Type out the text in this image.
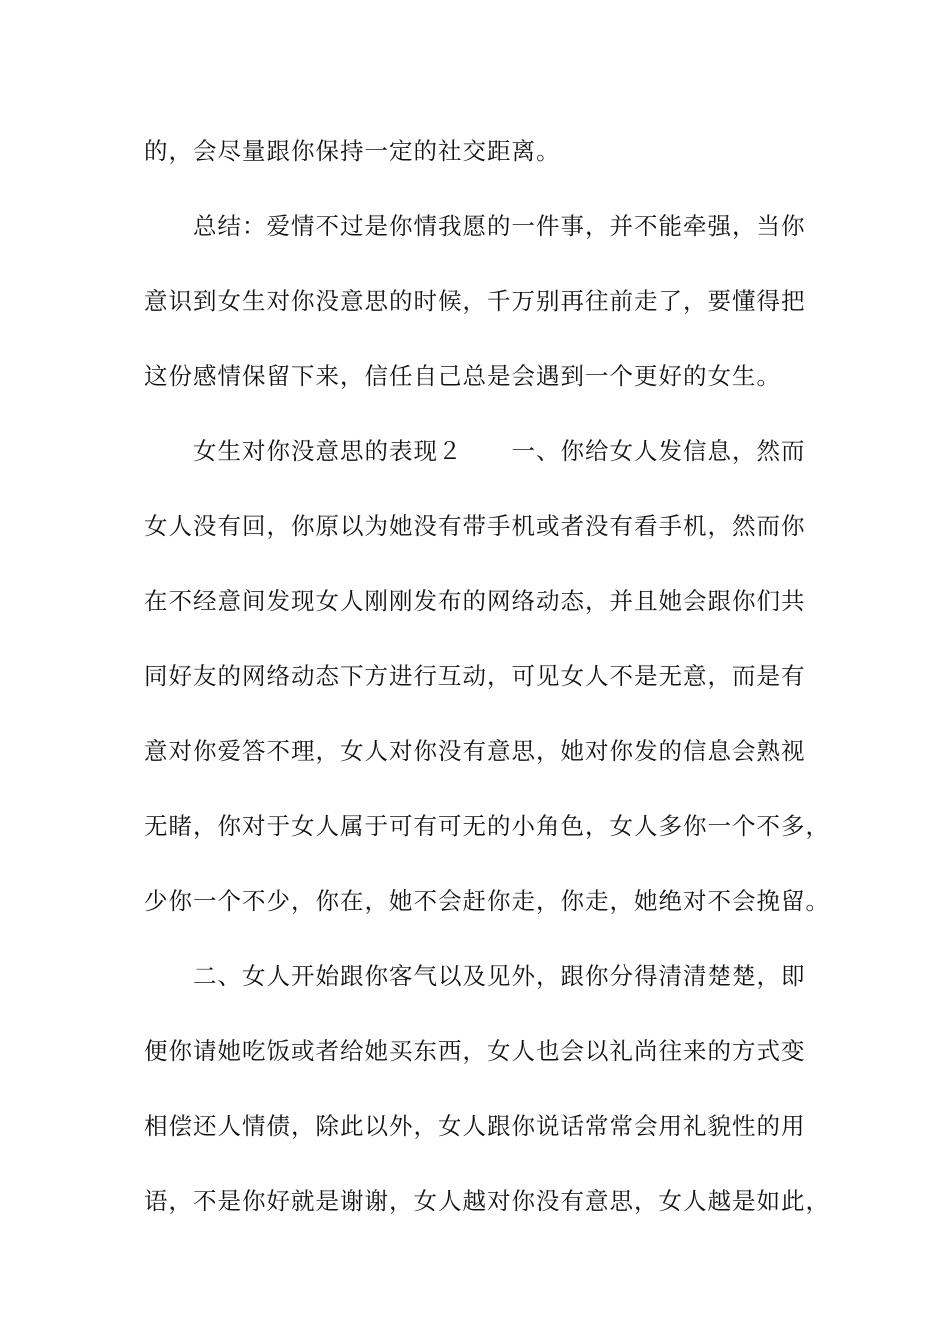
的，会尽量跟你保持一定的社交距离。
总结：爱情不过是你情我愿的一件事，并不能牵强，当你
意识到女生对你没意思的时候，千万别再往前走了，要懂得把
这份感情保留下来，信任自己总是会遇到一个更好的女生。
女生对你没意思的表现２　　一、你给女人发信息，然而
女人没有回，你原以为她没有带手机或者没有看手机，然而你
在不经意间发现女人刚刚发布的网络动态，并且她会跟你们共
同好友的网络动态下方进行互动，可见女人不是无意，而是有
意对你爱答不理，女人对你没有意思，她对你发的信息会熟视
无睹，你对于女人属于可有可无的小角色，女人多你一个不多，
少你一个不少，你在，她不会赶你走，你走，她绝对不会挽留。
二、女人开始跟你客气以及见外，跟你分得清清楚楚，即
便你请她吃饭或者给她买东西，女人也会以礼尚往来的方式变
相偿还人情债，除此以外，女人跟你说话常常会用礼貌性的用
语，不是你好就是谢谢，女人越对你没有意思，女人越是如此，
